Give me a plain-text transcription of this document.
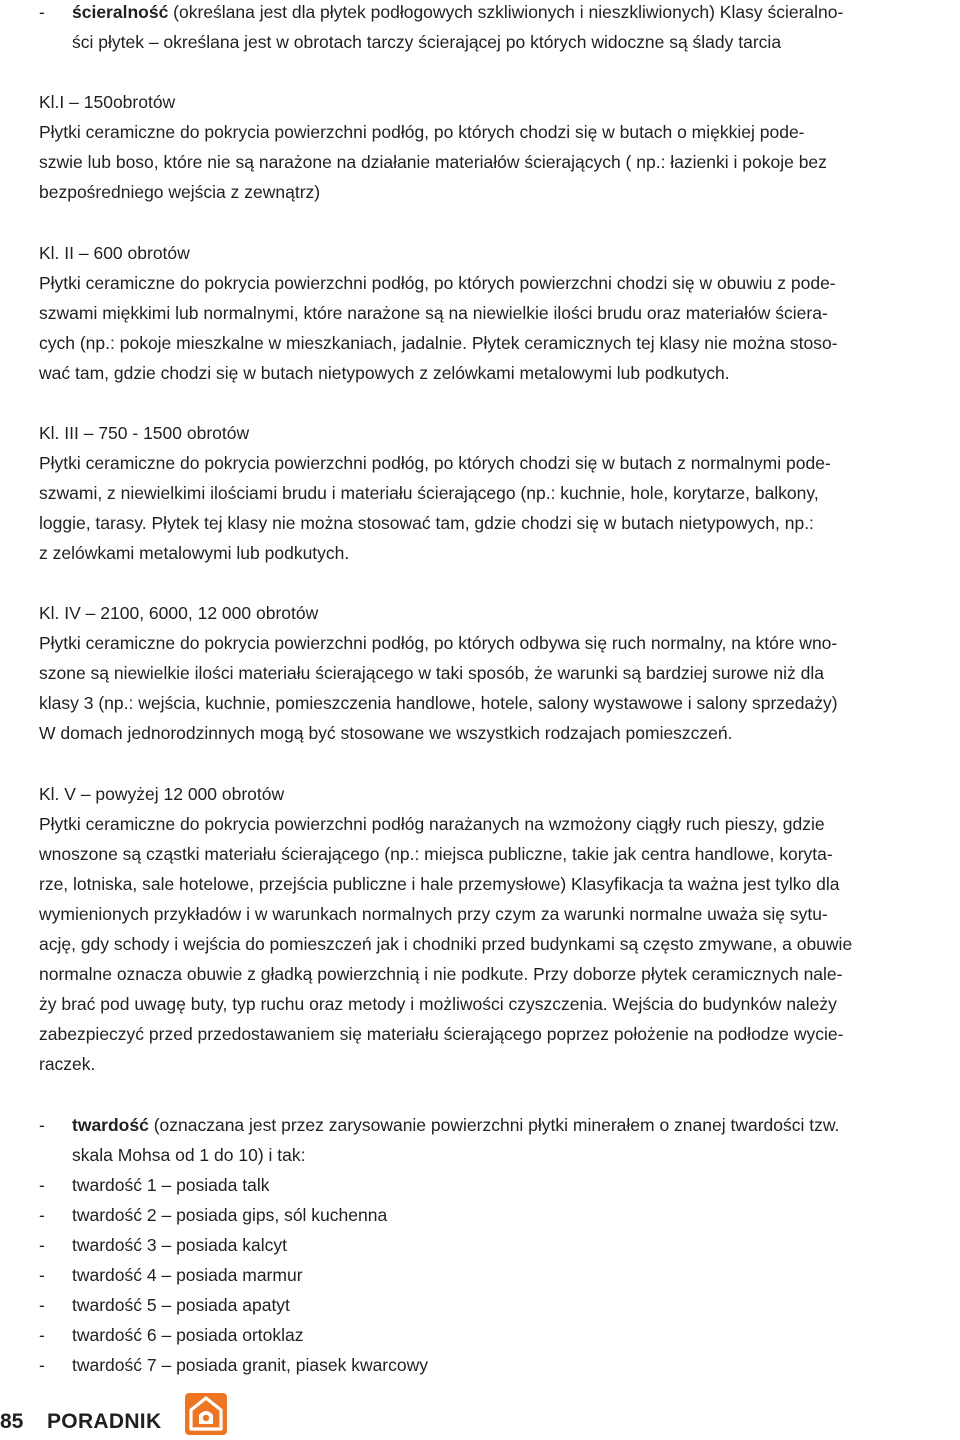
- ścieralność (określana jest dla płytek podłogowych szkliwionych i nieszkliwionych) Klasy ścieralno-
ści płytek – określana jest w obrotach tarczy ścierającej po których widoczne są ślady tarcia
Kl.I – 150obrotów
Płytki ceramiczne do pokrycia powierzchni podłóg, po których chodzi się w butach o miękkiej pode-
szwie lub boso, które nie są narażone na działanie materiałów ścierających ( np.: łazienki i pokoje bez
bezpośredniego wejścia z zewnątrz)
Kl. II – 600 obrotów
Płytki ceramiczne do pokrycia powierzchni podłóg, po których powierzchni chodzi się w obuwiu z pode-
szwami miękkimi lub normalnymi, które narażone są na niewielkie ilości brudu oraz materiałów ściera-
cych (np.: pokoje mieszkalne w mieszkaniach, jadalnie. Płytek ceramicznych tej klasy nie można stoso-
wać tam, gdzie chodzi się w butach nietypowych z zelówkami metalowymi lub podkutych.
Kl. III – 750 - 1500 obrotów
Płytki ceramiczne do pokrycia powierzchni podłóg, po których chodzi się w butach z normalnymi pode-
szwami, z niewielkimi ilościami brudu i materiału ścierającego (np.: kuchnie, hole, korytarze, balkony,
loggie, tarasy. Płytek tej klasy nie można stosować tam, gdzie chodzi się w butach nietypowych, np.:
z zelówkami metalowymi lub podkutych.
Kl. IV – 2100, 6000, 12 000 obrotów
Płytki ceramiczne do pokrycia powierzchni podłóg, po których odbywa się ruch normalny, na które wno-
szone są niewielkie ilości materiału ścierającego w taki sposób, że warunki są bardziej surowe niż dla
klasy 3 (np.: wejścia, kuchnie, pomieszczenia handlowe, hotele, salony wystawowe i salony sprzedaży)
W domach jednorodzinnych mogą być stosowane we wszystkich rodzajach pomieszczeń.
Kl. V – powyżej 12 000 obrotów
Płytki ceramiczne do pokrycia powierzchni podłóg narażanych na wzmożony ciągły ruch pieszy, gdzie
wnoszone są cząstki materiału ścierającego (np.: miejsca publiczne, takie jak centra handlowe, koryta-
rze, lotniska, sale hotelowe, przejścia publiczne i hale przemysłowe) Klasyfikacja ta ważna jest tylko dla
wymienionych przykładów i w warunkach normalnych przy czym za warunki normalne uważa się sytu-
ację, gdy schody i wejścia do pomieszczeń jak i chodniki przed budynkami są często zmywane, a obuwie
normalne oznacza obuwie z gładką powierzchnią i nie podkute. Przy doborze płytek ceramicznych nale-
ży brać pod uwagę buty, typ ruchu oraz metody i możliwości czyszczenia. Wejścia do budynków należy
zabezpieczyć przed przedostawaniem się materiału ścierającego poprzez położenie na podłodze wycie-
raczek.
- twardość (oznaczana jest przez zarysowanie powierzchni płytki minerałem o znanej twardości tzw.
skala Mohsa od 1 do 10) i tak:
- twardość 1 – posiada talk
- twardość 2 – posiada gips, sól kuchenna
- twardość 3 – posiada kalcyt
- twardość 4 – posiada marmur
- twardość 5 – posiada apatyt
- twardość 6 – posiada ortoklaz
- twardość 7 – posiada granit, piasek kwarcowy
85 PORADNIK
